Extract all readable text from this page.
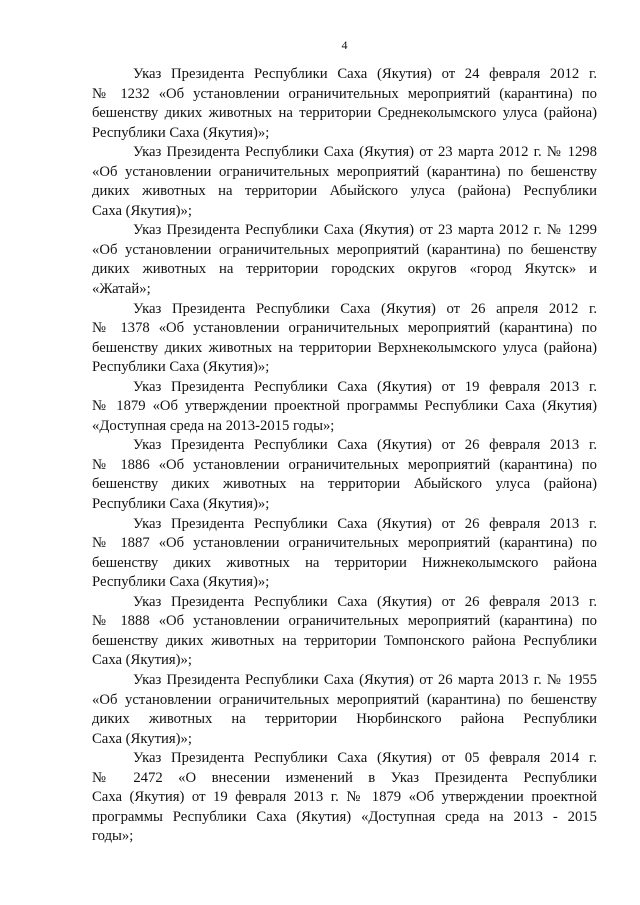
4
Указ Президента Республики Саха (Якутия) от 24 февраля 2012 г.
№ 1232 «Об установлении ограничительных мероприятий (карантина) по
бешенству диких животных на территории Среднеколымского улуса (района)
Республики Саха (Якутия)»;
Указ Президента Республики Саха (Якутия) от 23 марта 2012 г. № 1298
«Об установлении ограничительных мероприятий (карантина) по бешенству
диких животных на территории Абыйского улуса (района) Республики
Саха (Якутия)»;
Указ Президента Республики Саха (Якутия) от 23 марта 2012 г. № 1299
«Об установлении ограничительных мероприятий (карантина) по бешенству
диких животных на территории городских округов «город Якутск» и
«Жатай»;
Указ Президента Республики Саха (Якутия) от 26 апреля 2012 г.
№ 1378 «Об установлении ограничительных мероприятий (карантина) по
бешенству диких животных на территории Верхнеколымского улуса (района)
Республики Саха (Якутия)»;
Указ Президента Республики Саха (Якутия) от 19 февраля 2013 г.
№ 1879 «Об утверждении проектной программы Республики Саха (Якутия)
«Доступная среда на 2013-2015 годы»;
Указ Президента Республики Саха (Якутия) от 26 февраля 2013 г.
№ 1886 «Об установлении ограничительных мероприятий (карантина) по
бешенству диких животных на территории Абыйского улуса (района)
Республики Саха (Якутия)»;
Указ Президента Республики Саха (Якутия) от 26 февраля 2013 г.
№ 1887 «Об установлении ограничительных мероприятий (карантина) по
бешенству диких животных на территории Нижнеколымского района
Республики Саха (Якутия)»;
Указ Президента Республики Саха (Якутия) от 26 февраля 2013 г.
№ 1888 «Об установлении ограничительных мероприятий (карантина) по
бешенству диких животных на территории Томпонского района Республики
Саха (Якутия)»;
Указ Президента Республики Саха (Якутия) от 26 марта 2013 г. № 1955
«Об установлении ограничительных мероприятий (карантина) по бешенству
диких животных на территории Нюрбинского района Республики
Саха (Якутия)»;
Указ Президента Республики Саха (Якутия) от 05 февраля 2014 г.
№ 2472 «О внесении изменений в Указ Президента Республики
Саха (Якутия) от 19 февраля 2013 г. № 1879 «Об утверждении проектной
программы Республики Саха (Якутия) «Доступная среда на 2013 - 2015
годы»;
